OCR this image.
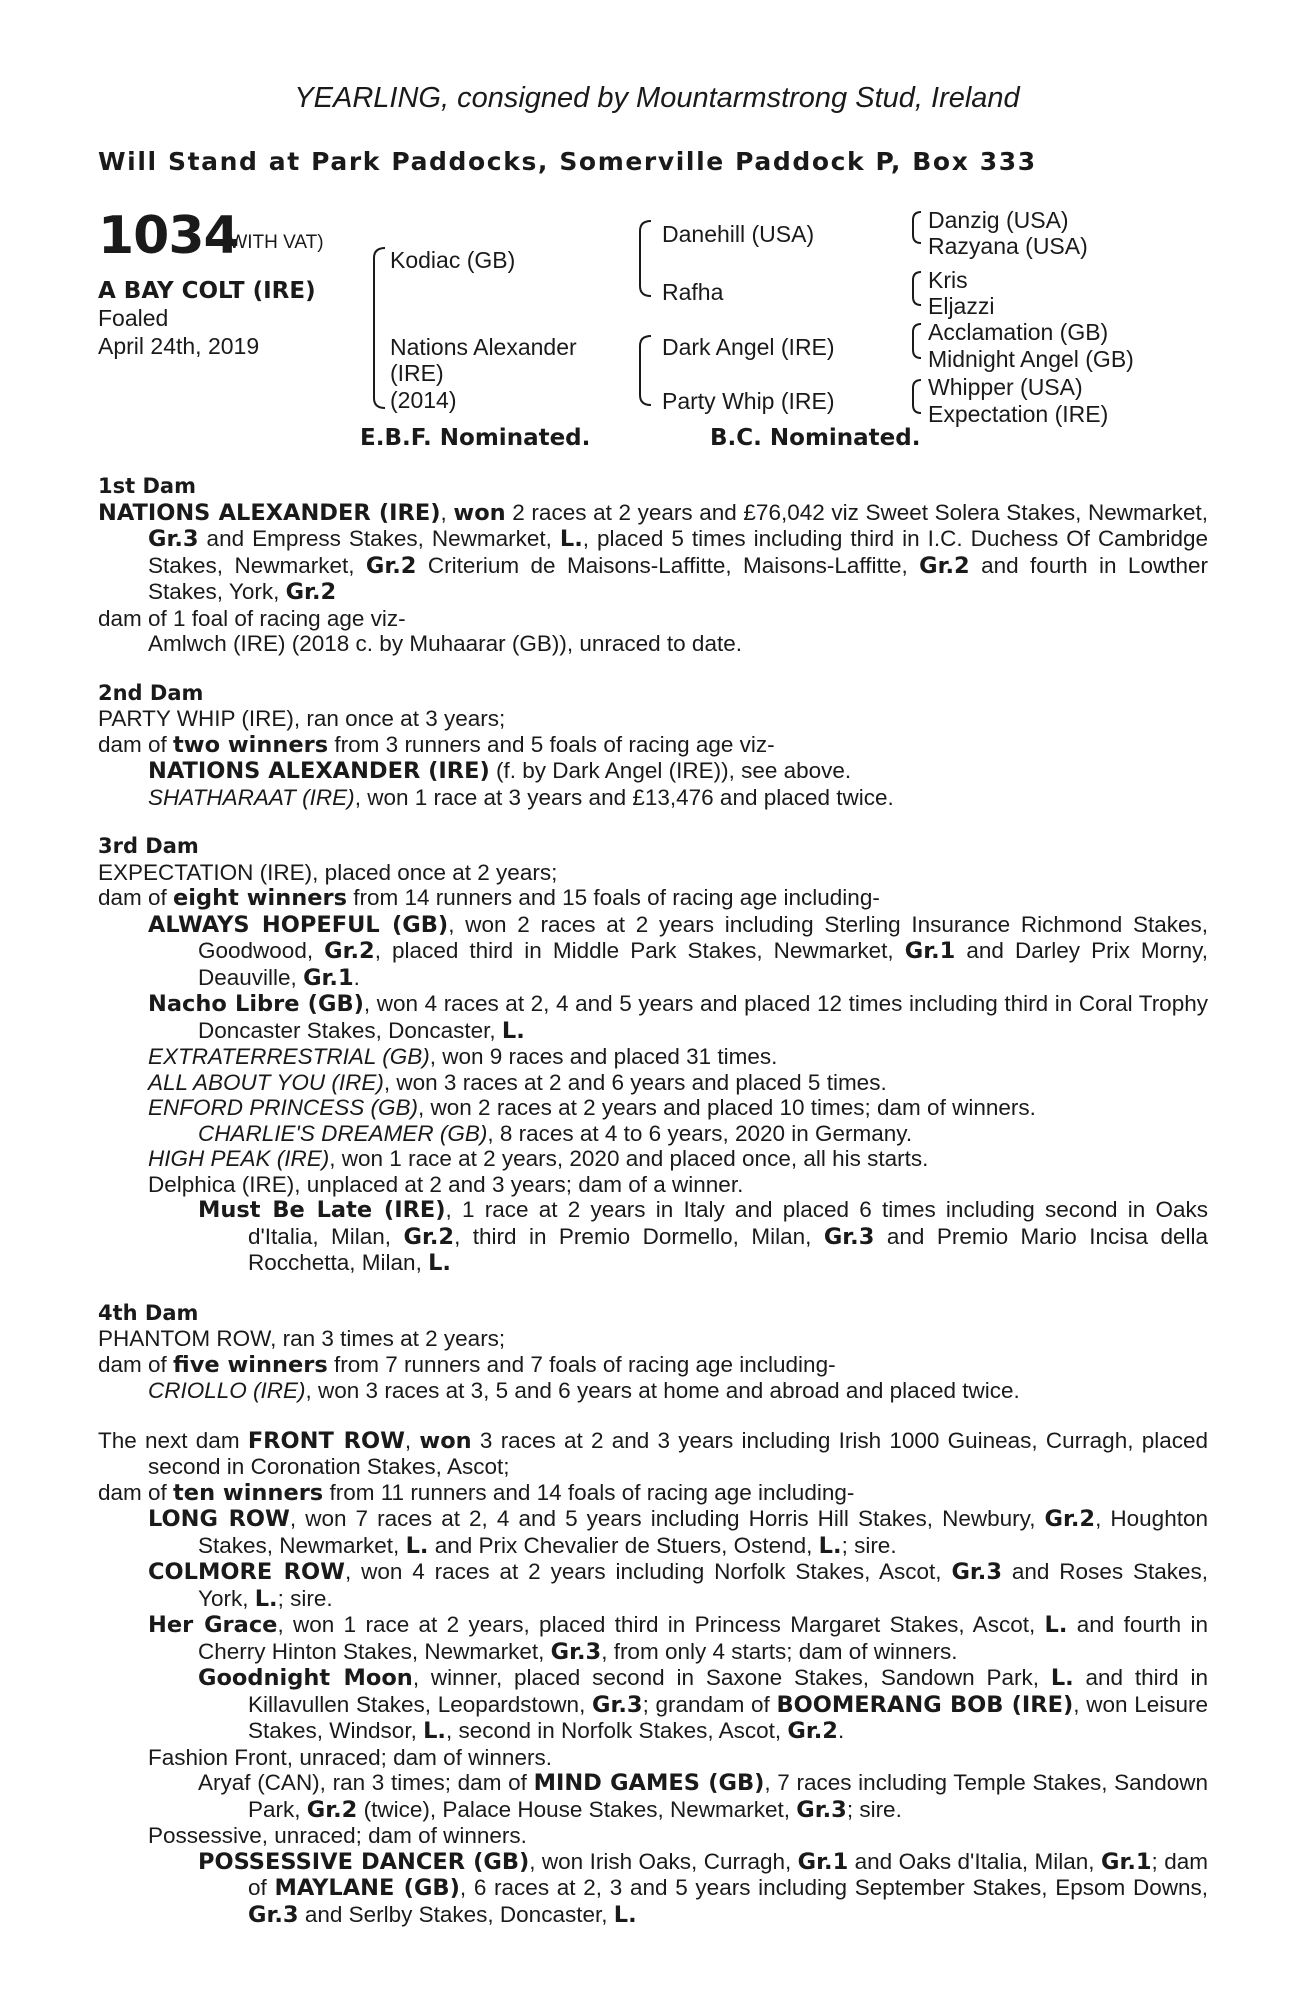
YEARLING, consigned by Mountarmstrong Stud, Ireland
Will Stand at Park Paddocks, Somerville Paddock P, Box 333
1034
(WITH VAT)
A BAY COLT (IRE)
Foaled
April 24th, 2019
Kodiac (GB)
Nations Alexander
(IRE)
(2014)
Danehill (USA)
Rafha
Dark Angel (IRE)
Party Whip (IRE)
Danzig (USA)
Razyana (USA)
Kris
Eljazzi
Acclamation (GB)
Midnight Angel (GB)
Whipper (USA)
Expectation (IRE)
E.B.F. Nominated.	B.C. Nominated.
1st Dam
NATIONS ALEXANDER (IRE), won 2 races at 2 years and £76,042 viz Sweet Solera Stakes, Newmarket, Gr.3 and Empress Stakes, Newmarket, L., placed 5 times including third in I.C. Duchess Of Cambridge Stakes, Newmarket, Gr.2 Criterium de Maisons-Laffitte, Maisons-Laffitte, Gr.2 and fourth in Lowther Stakes, York, Gr.2
dam of 1 foal of racing age viz-
Amlwch (IRE) (2018 c. by Muhaarar (GB)), unraced to date.
2nd Dam
PARTY WHIP (IRE), ran once at 3 years;
dam of two winners from 3 runners and 5 foals of racing age viz-
NATIONS ALEXANDER (IRE) (f. by Dark Angel (IRE)), see above.
SHATHARAAT (IRE), won 1 race at 3 years and £13,476 and placed twice.
3rd Dam
EXPECTATION (IRE), placed once at 2 years;
dam of eight winners from 14 runners and 15 foals of racing age including-
ALWAYS HOPEFUL (GB), won 2 races at 2 years including Sterling Insurance Richmond Stakes, Goodwood, Gr.2, placed third in Middle Park Stakes, Newmarket, Gr.1 and Darley Prix Morny, Deauville, Gr.1.
Nacho Libre (GB), won 4 races at 2, 4 and 5 years and placed 12 times including third in Coral Trophy Doncaster Stakes, Doncaster, L.
EXTRATERRESTRIAL (GB), won 9 races and placed 31 times.
ALL ABOUT YOU (IRE), won 3 races at 2 and 6 years and placed 5 times.
ENFORD PRINCESS (GB), won 2 races at 2 years and placed 10 times; dam of winners.
CHARLIE'S DREAMER (GB), 8 races at 4 to 6 years, 2020 in Germany.
HIGH PEAK (IRE), won 1 race at 2 years, 2020 and placed once, all his starts.
Delphica (IRE), unplaced at 2 and 3 years; dam of a winner.
Must Be Late (IRE), 1 race at 2 years in Italy and placed 6 times including second in Oaks d'Italia, Milan, Gr.2, third in Premio Dormello, Milan, Gr.3 and Premio Mario Incisa della Rocchetta, Milan, L.
4th Dam
PHANTOM ROW, ran 3 times at 2 years;
dam of five winners from 7 runners and 7 foals of racing age including-
CRIOLLO (IRE), won 3 races at 3, 5 and 6 years at home and abroad and placed twice.
The next dam FRONT ROW, won 3 races at 2 and 3 years including Irish 1000 Guineas, Curragh, placed second in Coronation Stakes, Ascot;
dam of ten winners from 11 runners and 14 foals of racing age including-
LONG ROW, won 7 races at 2, 4 and 5 years including Horris Hill Stakes, Newbury, Gr.2, Houghton Stakes, Newmarket, L. and Prix Chevalier de Stuers, Ostend, L.; sire.
COLMORE ROW, won 4 races at 2 years including Norfolk Stakes, Ascot, Gr.3 and Roses Stakes, York, L.; sire.
Her Grace, won 1 race at 2 years, placed third in Princess Margaret Stakes, Ascot, L. and fourth in Cherry Hinton Stakes, Newmarket, Gr.3, from only 4 starts; dam of winners.
Goodnight Moon, winner, placed second in Saxone Stakes, Sandown Park, L. and third in Killavullen Stakes, Leopardstown, Gr.3; grandam of BOOMERANG BOB (IRE), won Leisure Stakes, Windsor, L., second in Norfolk Stakes, Ascot, Gr.2.
Fashion Front, unraced; dam of winners.
Aryaf (CAN), ran 3 times; dam of MIND GAMES (GB), 7 races including Temple Stakes, Sandown Park, Gr.2 (twice), Palace House Stakes, Newmarket, Gr.3; sire.
Possessive, unraced; dam of winners.
POSSESSIVE DANCER (GB), won Irish Oaks, Curragh, Gr.1 and Oaks d'Italia, Milan, Gr.1; dam of MAYLANE (GB), 6 races at 2, 3 and 5 years including September Stakes, Epsom Downs, Gr.3 and Serlby Stakes, Doncaster, L.
